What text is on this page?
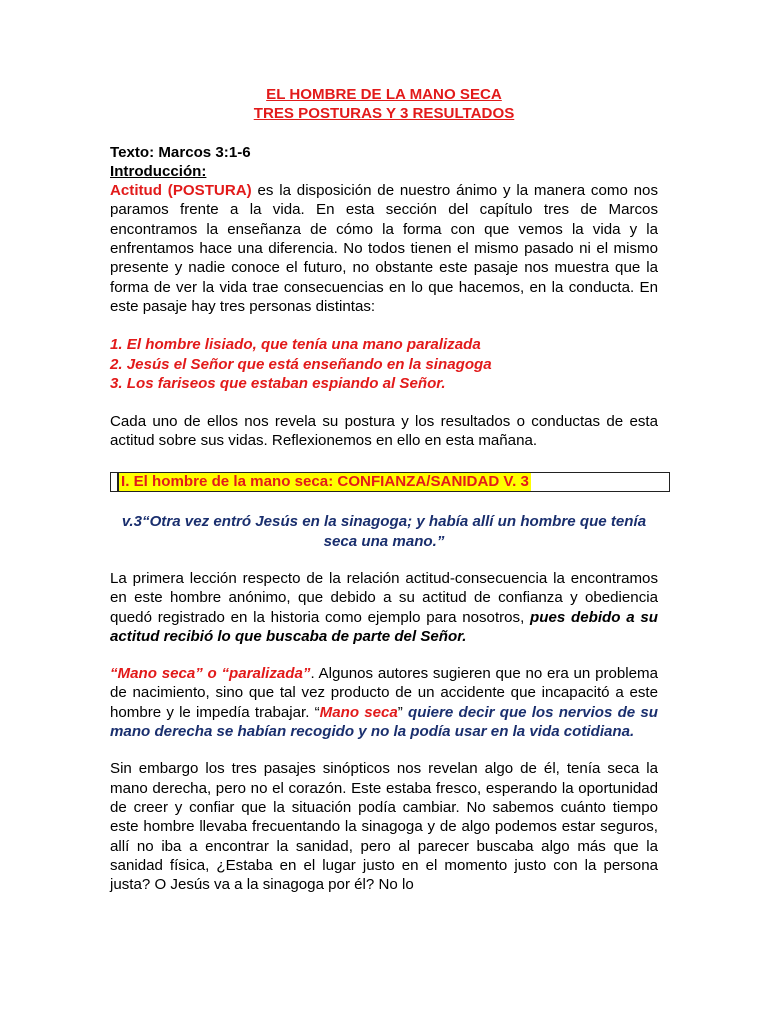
EL HOMBRE DE LA MANO SECA

TRES POSTURAS Y 3 RESULTADOS

Texto: Marcos 3:1-6

Introducción:

Actitud (POSTURA) es la disposición de nuestro ánimo y la manera como nos paramos frente a la vida. En esta sección del capítulo tres de Marcos encontramos la enseñanza de cómo la forma con que vemos la vida y la enfrentamos hace una diferencia. No todos tienen el mismo pasado ni el mismo presente y nadie conoce el futuro, no obstante este pasaje nos muestra que la forma de ver la vida trae consecuencias en lo que hacemos, en la conducta. En este pasaje hay tres personas distintas:

1. El hombre lisiado, que tenía una mano paralizada
2. Jesús el Señor que está enseñando en la sinagoga
3. Los fariseos que estaban espiando al Señor.

Cada uno de ellos nos revela su postura y los resultados o conductas de esta actitud sobre sus vidas. Reflexionemos en ello en esta mañana.

I. El hombre de la mano seca: CONFIANZA/SANIDAD V. 3
v.3“Otra vez entró Jesús en la sinagoga; y había allí un hombre que tenía seca una mano.”

La primera lección respecto de la relación actitud-consecuencia la encontramos en este hombre anónimo, que debido a su actitud de confianza y obediencia quedó registrado en la historia como ejemplo para nosotros, pues debido a su actitud recibió lo que buscaba de parte del Señor.

“Mano seca” o “paralizada”. Algunos autores sugieren que no era un problema de nacimiento, sino que tal vez producto de un accidente que incapacitó a este hombre y le impedía trabajar. “Mano seca” quiere decir que los nervios de su mano derecha se habían recogido y no la podía usar en la vida cotidiana.

Sin embargo los tres pasajes sinópticos nos revelan algo de él, tenía seca la mano derecha, pero no el corazón. Este estaba fresco, esperando la oportunidad de creer y confiar que la situación podía cambiar. No sabemos cuánto tiempo este hombre llevaba frecuentando la sinagoga y de algo podemos estar seguros, allí no iba a encontrar la sanidad, pero al parecer buscaba algo más que la sanidad física, ¿Estaba en el lugar justo en el momento justo con la persona justa? O Jesús va a la sinagoga por él? No lo
